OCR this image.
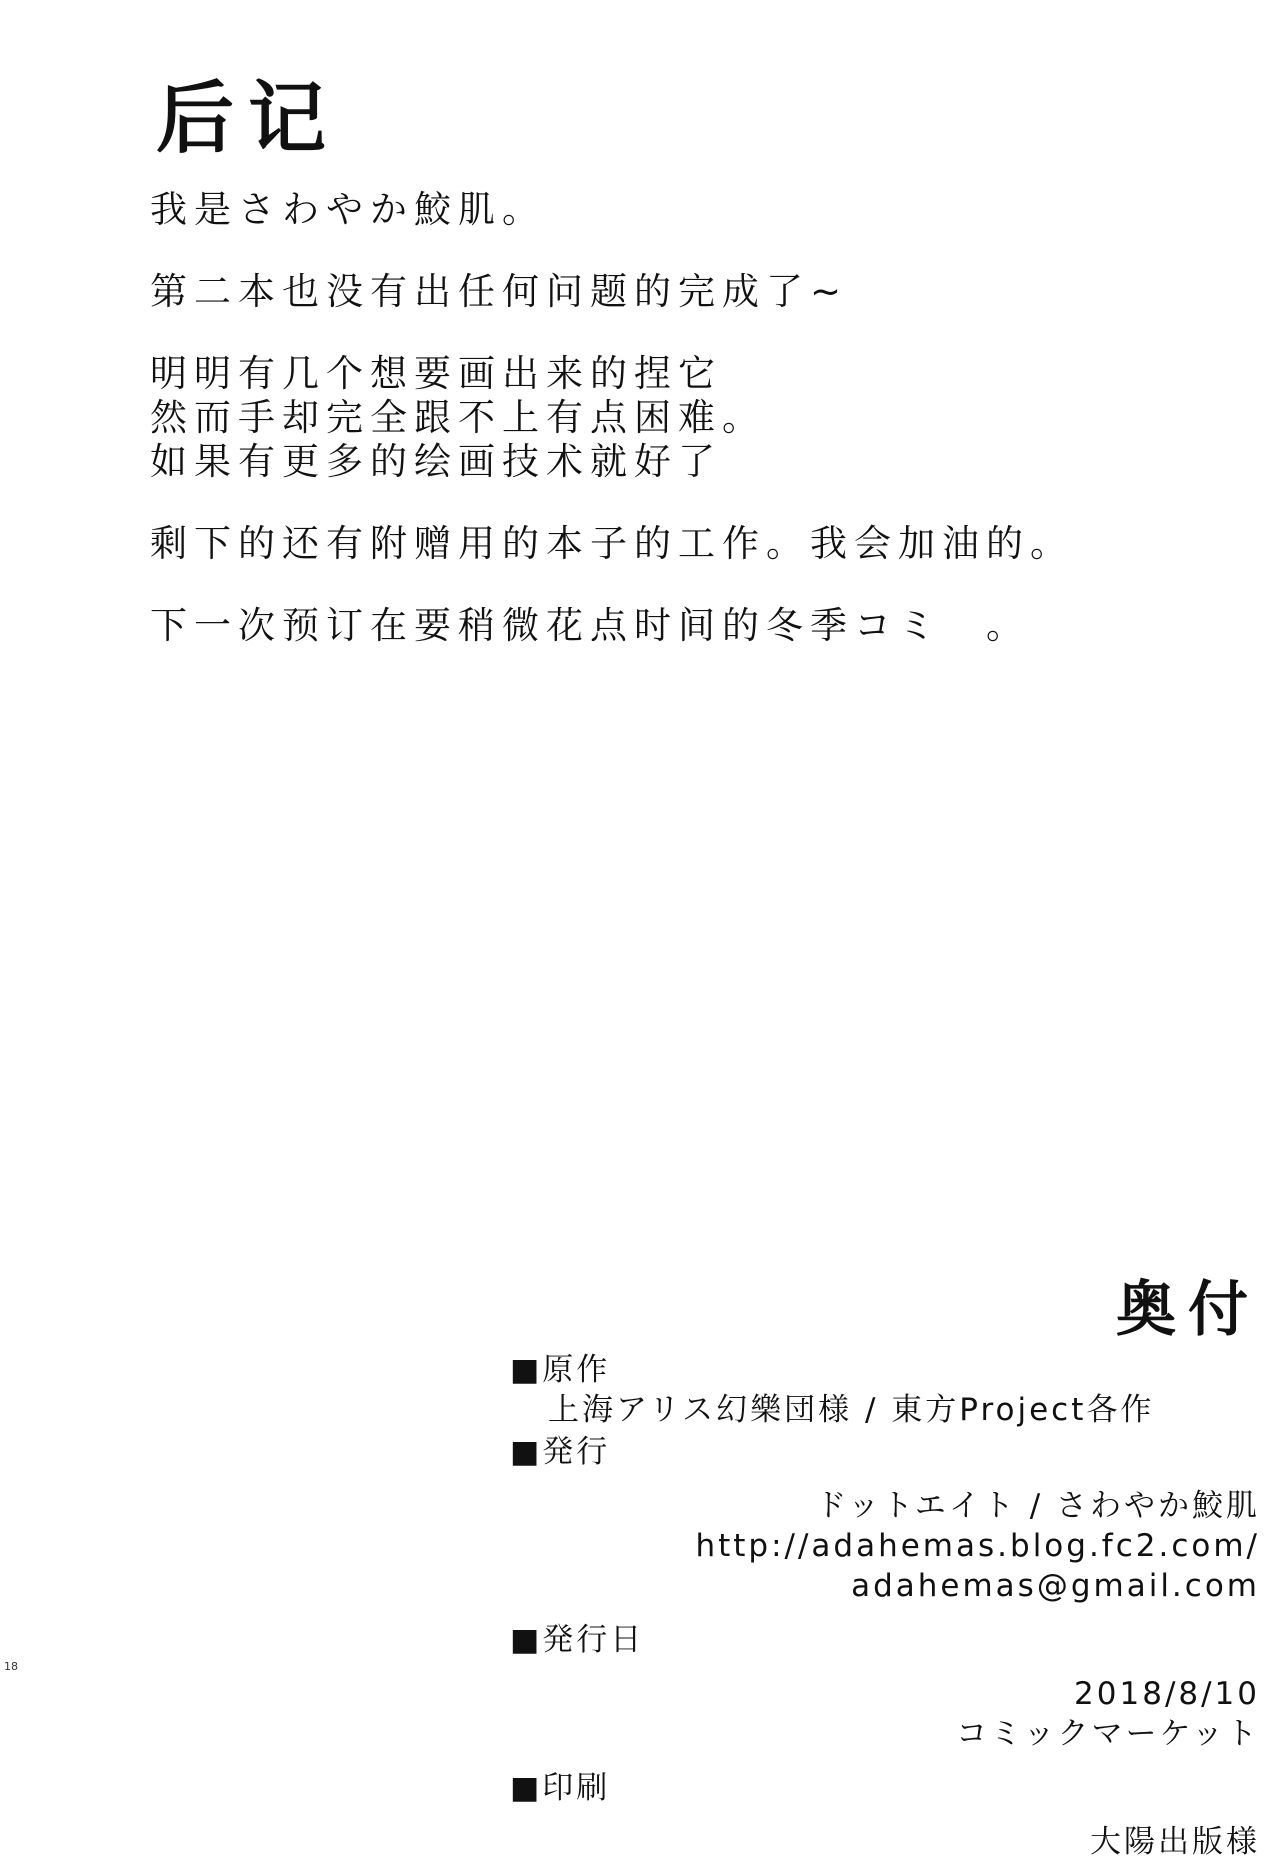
后记

我是さわやか鮫肌。

第二本也没有出任何问题的完成了~

明明有几个想要画出来的捏它
然而手却完全跟不上有点困难。
如果有更多的绘画技术就好了

剩下的还有附赠用的本子的工作。我会加油的。

下一次预订在要稍微花点时间的冬季コミ　。

奥付
■原作
上海アリス幻樂団様 / 東方Project各作
■発行
ドットエイト / さわやか鮫肌
http://adahemas.blog.fc2.com/
adahemas@gmail.com
■発行日
2018/8/10
コミックマーケット
■印刷
大陽出版様
18
